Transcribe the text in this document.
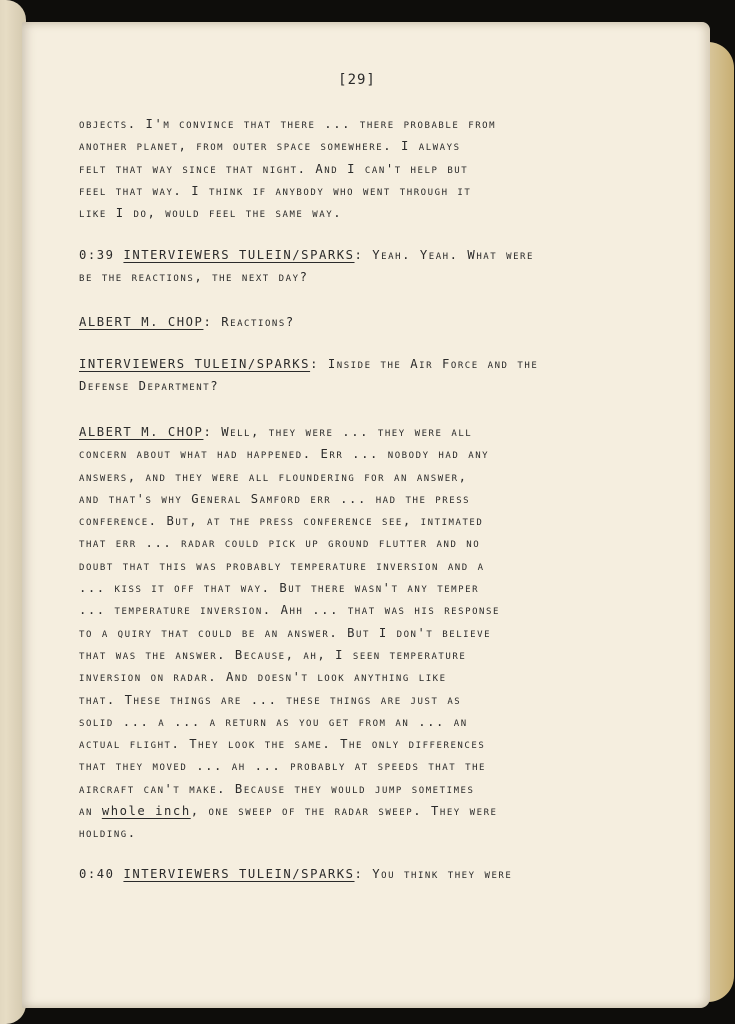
[29]
objects. I'm convince that there ... there probable from
another planet, from outer space somewhere. I always
felt that way since that night. And I can't help but
feel that way. I think if anybody who went through it
like I do, would feel the same way.
0:39 INTERVIEWERS TULEIN/SPARKS: Yeah. Yeah. What were
be the reactions, the next day?
ALBERT M. CHOP: Reactions?
INTERVIEWERS TULEIN/SPARKS: Inside the Air Force and the
Defense Department?
ALBERT M. CHOP: Well, they were ... they were all
concern about what had happened. Err ... nobody had any
answers, and they were all floundering for an answer,
and that's why General Samford err ... had the press
conference. But, at the press conference see, intimated
that err ... radar could pick up ground flutter and no
doubt that this was probably temperature inversion and a
... kiss it off that way. But there wasn't any temper
... temperature inversion. Ahh ... that was his response
to a quiry that could be an answer. But I don't believe
that was the answer. Because, ah, I seen temperature
inversion on radar. And doesn't look anything like
that. These things are ... these things are just as
solid ... a ... a return as you get from an ... an
actual flight. They look the same. The only differences
that they moved ... ah ... probably at speeds that the
aircraft can't make. Because they would jump sometimes
an whole inch, one sweep of the radar sweep. They were
holding.
0:40 INTERVIEWERS TULEIN/SPARKS: You think they were
